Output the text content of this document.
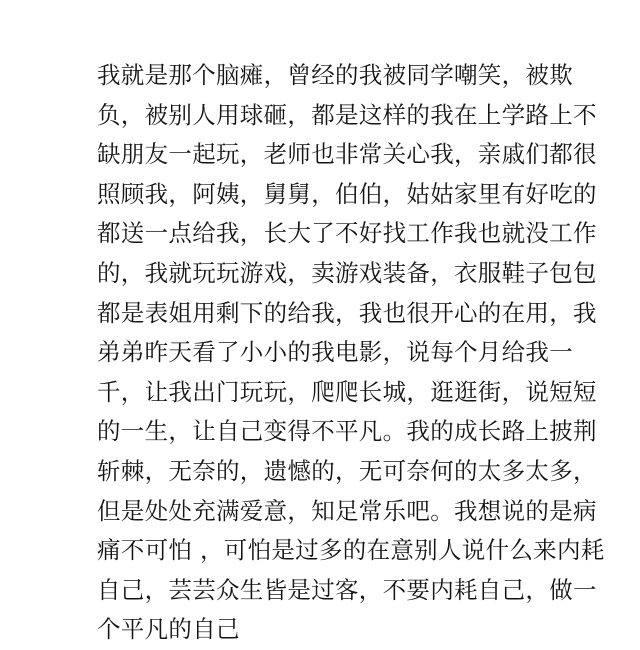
我就是那个脑瘫，曾经的我被同学嘲笑，被欺
负，被别人用球砸，都是这样的我在上学路上不
缺朋友一起玩，老师也非常关心我，亲戚们都很
照顾我，阿姨，舅舅，伯伯，姑姑家里有好吃的
都送一点给我，长大了不好找工作我也就没工作
的，我就玩玩游戏，卖游戏装备，衣服鞋子包包
都是表姐用剩下的给我，我也很开心的在用，我
弟弟昨天看了小小的我电影，说每个月给我一
千，让我出门玩玩，爬爬长城，逛逛街，说短短
的一生，让自己变得不平凡。我的成长路上披荆
斩棘，无奈的，遗憾的，无可奈何的太多太多，
但是处处充满爱意，知足常乐吧。我想说的是病
痛不可怕 ，可怕是过多的在意别人说什么来内耗
自己，芸芸众生皆是过客，不要内耗自己，做一
个平凡的自己
